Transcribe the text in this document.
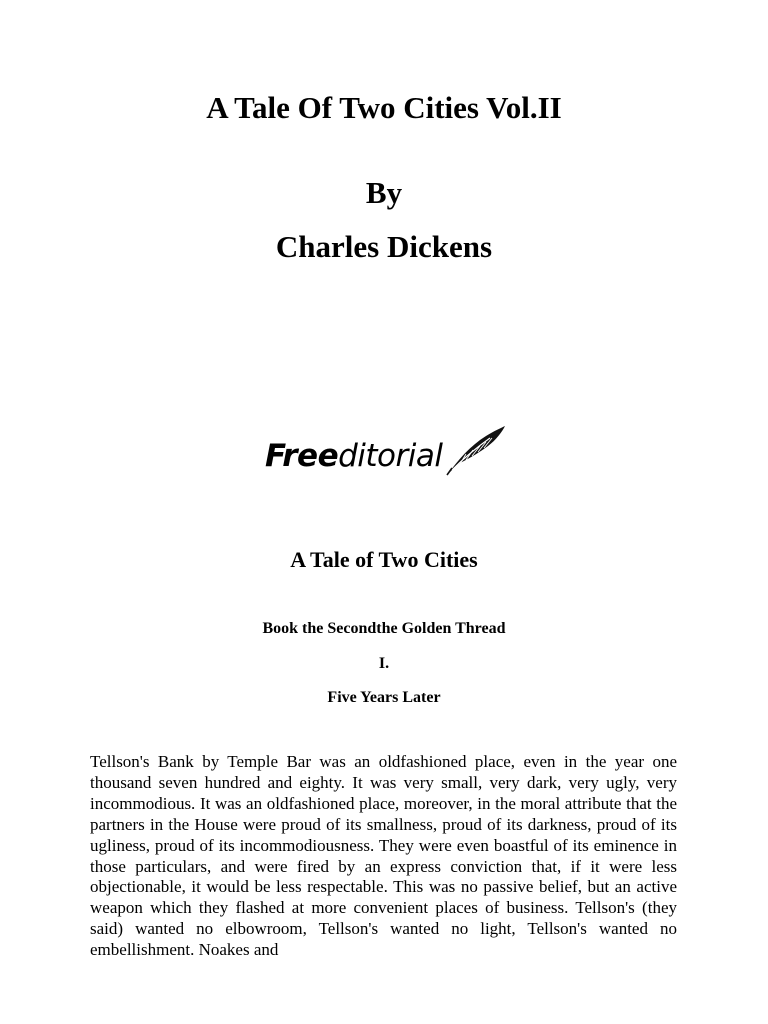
A Tale Of Two Cities Vol.II
By
Charles Dickens
Freeditorial
A Tale of Two Cities
Book the Secondthe Golden Thread
I.
Five Years Later

Tellson's Bank by Temple Bar was an oldfashioned place, even in the year one thousand seven hundred and eighty. It was very small, very dark, very ugly, very incommodious. It was an oldfashioned place, moreover, in the moral attribute that the partners in the House were proud of its smallness, proud of its darkness, proud of its ugliness, proud of its incommodiousness. They were even boastful of its eminence in those particulars, and were fired by an express conviction that, if it were less objectionable, it would be less respectable. This was no passive belief, but an active weapon which they flashed at more convenient places of business. Tellson's (they said) wanted no elbowroom, Tellson's wanted no light, Tellson's wanted no embellishment. Noakes and
